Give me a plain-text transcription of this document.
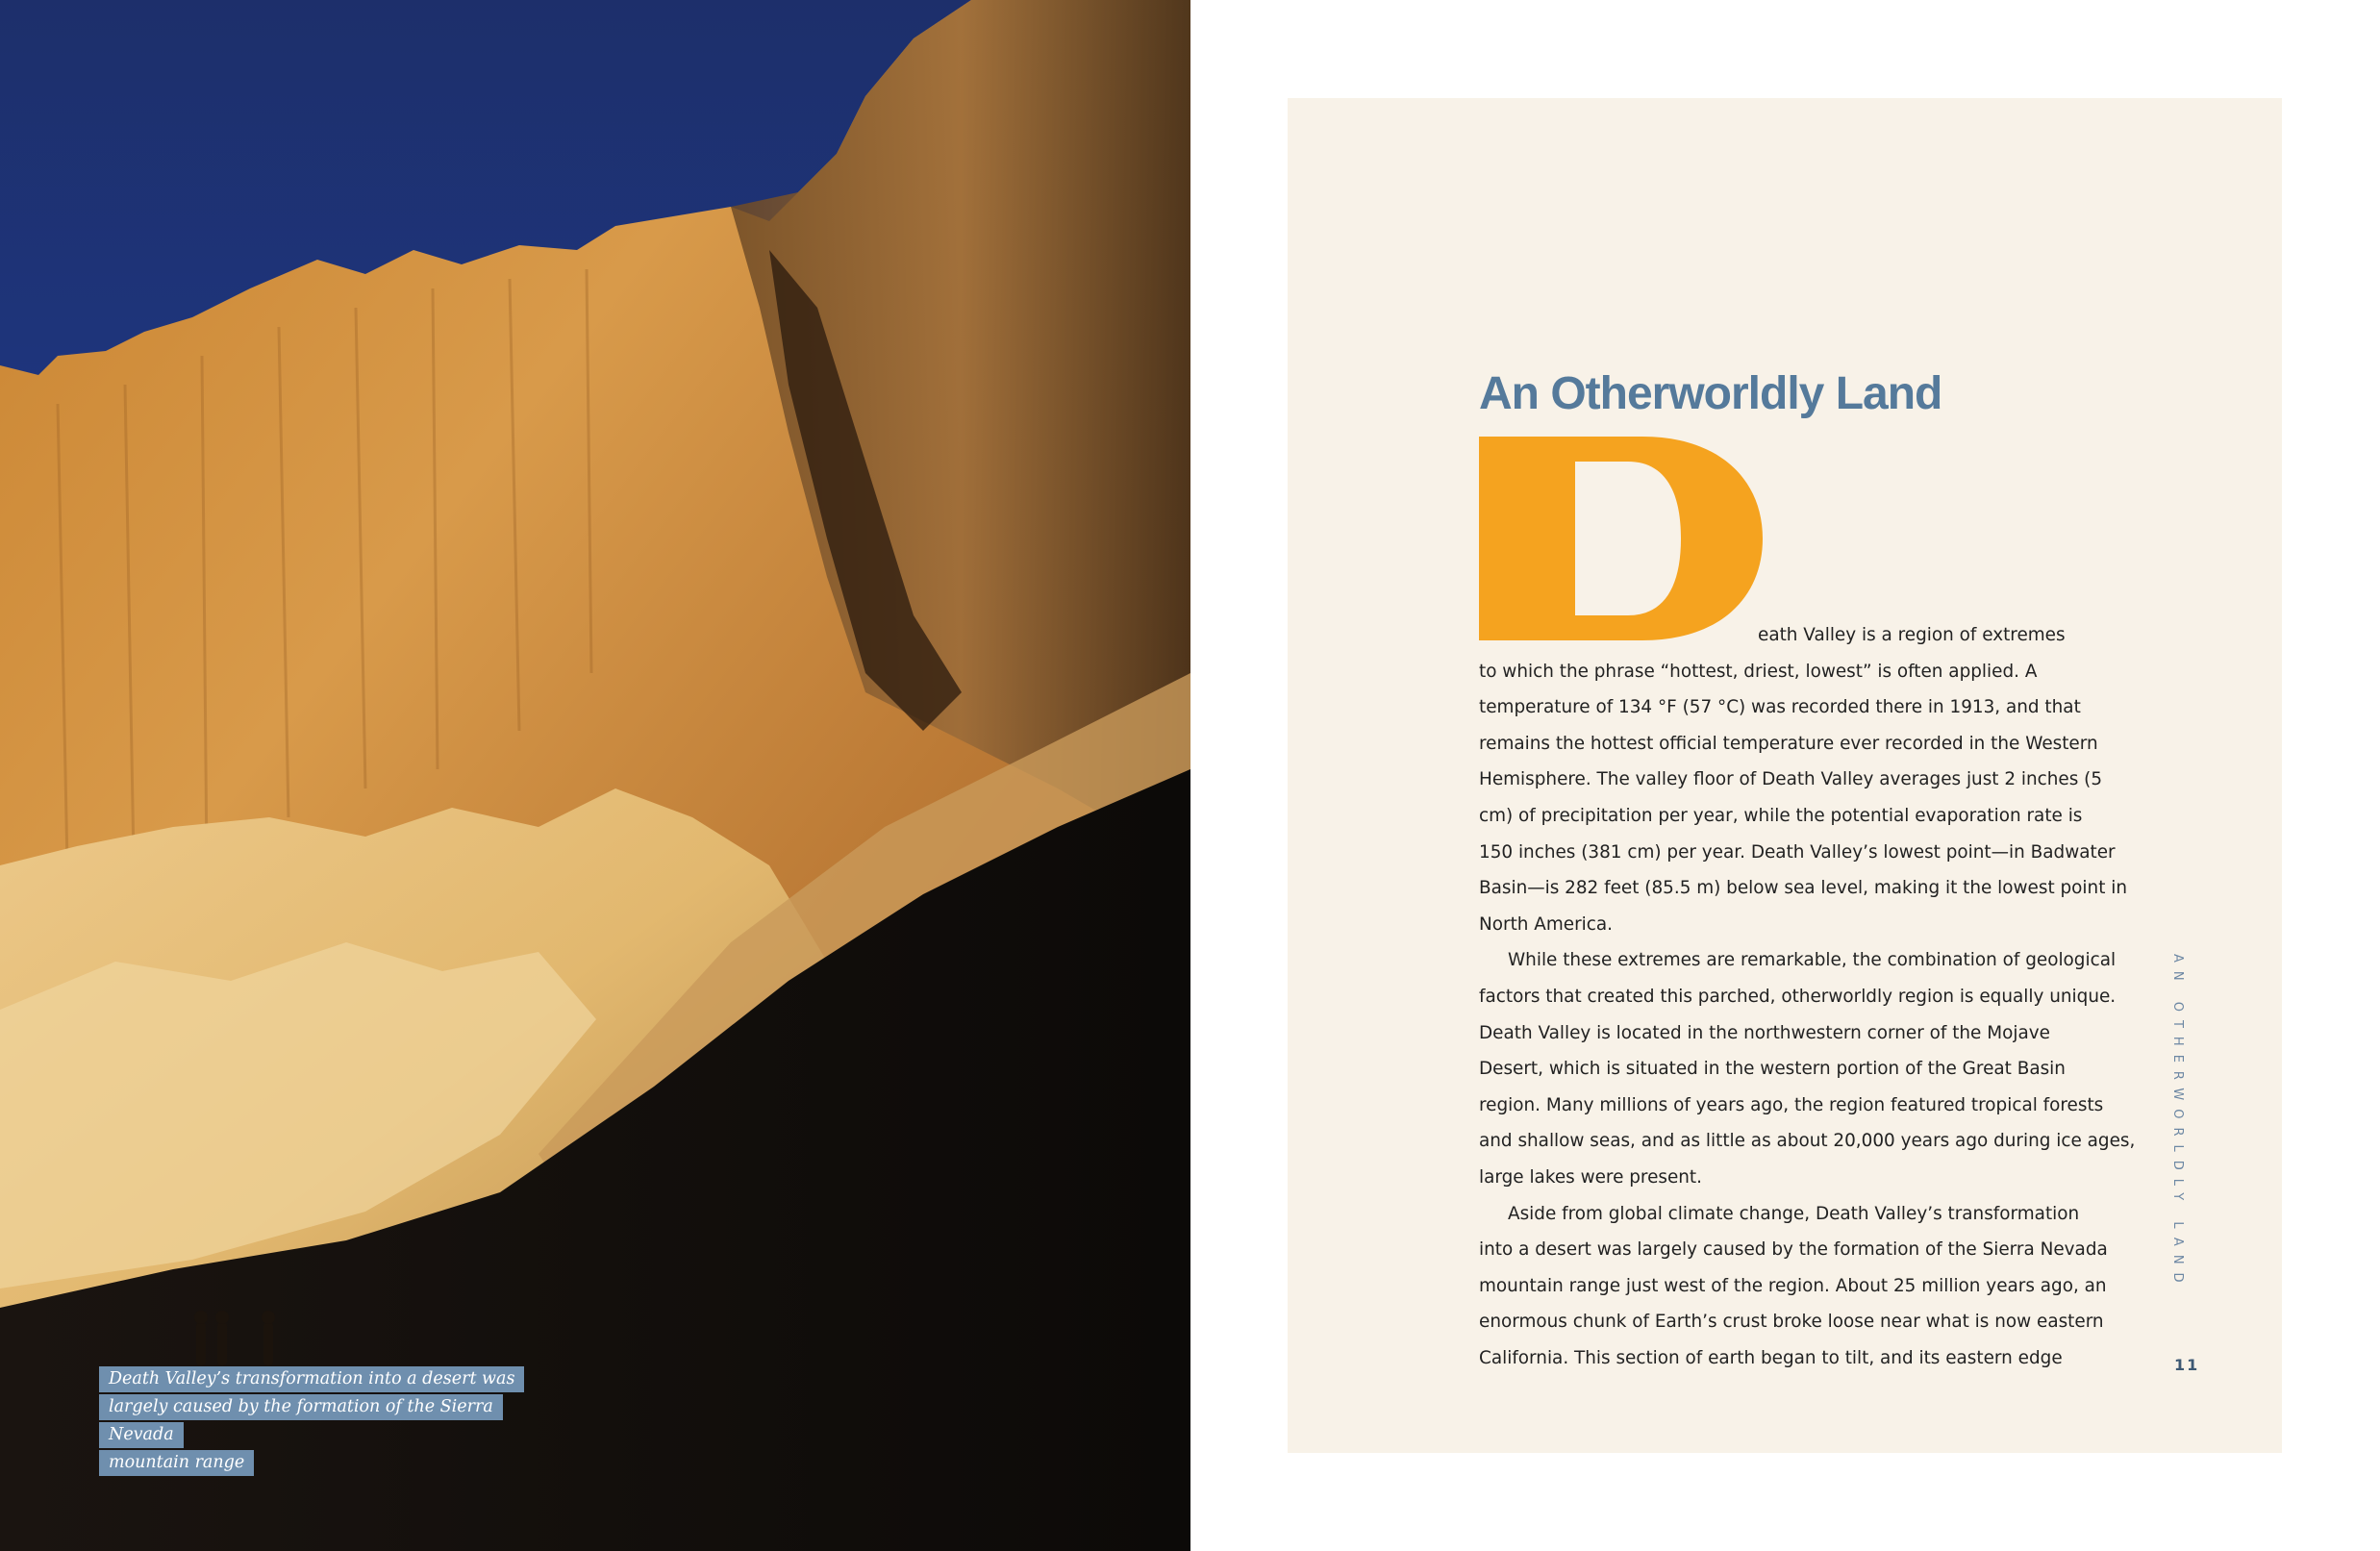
Death Valley’s transformation into a desert was
largely caused by the formation of the Sierra Nevada
mountain range
An Otherworldly Land
eath Valley is a region of extremes
to which the phrase “hottest, driest, lowest” is often applied. A
temperature of 134 °F (57 °C) was recorded there in 1913, and that
remains the hottest official temperature ever recorded in the Western
Hemisphere. The valley floor of Death Valley averages just 2 inches (5
cm) of precipitation per year, while the potential evaporation rate is
150 inches (381 cm) per year. Death Valley’s lowest point—in Badwater
Basin—is 282 feet (85.5 m) below sea level, making it the lowest point in
North America.
While these extremes are remarkable, the combination of geological
factors that created this parched, otherworldly region is equally unique.
Death Valley is located in the northwestern corner of the Mojave
Desert, which is situated in the western portion of the Great Basin
region. Many millions of years ago, the region featured tropical forests
and shallow seas, and as little as about 20,000 years ago during ice ages,
large lakes were present.
Aside from global climate change, Death Valley’s transformation
into a desert was largely caused by the formation of the Sierra Nevada
mountain range just west of the region. About 25 million years ago, an
enormous chunk of Earth’s crust broke loose near what is now eastern
California. This section of earth began to tilt, and its eastern edge
AN OTHERWORLDLY LAND
11
